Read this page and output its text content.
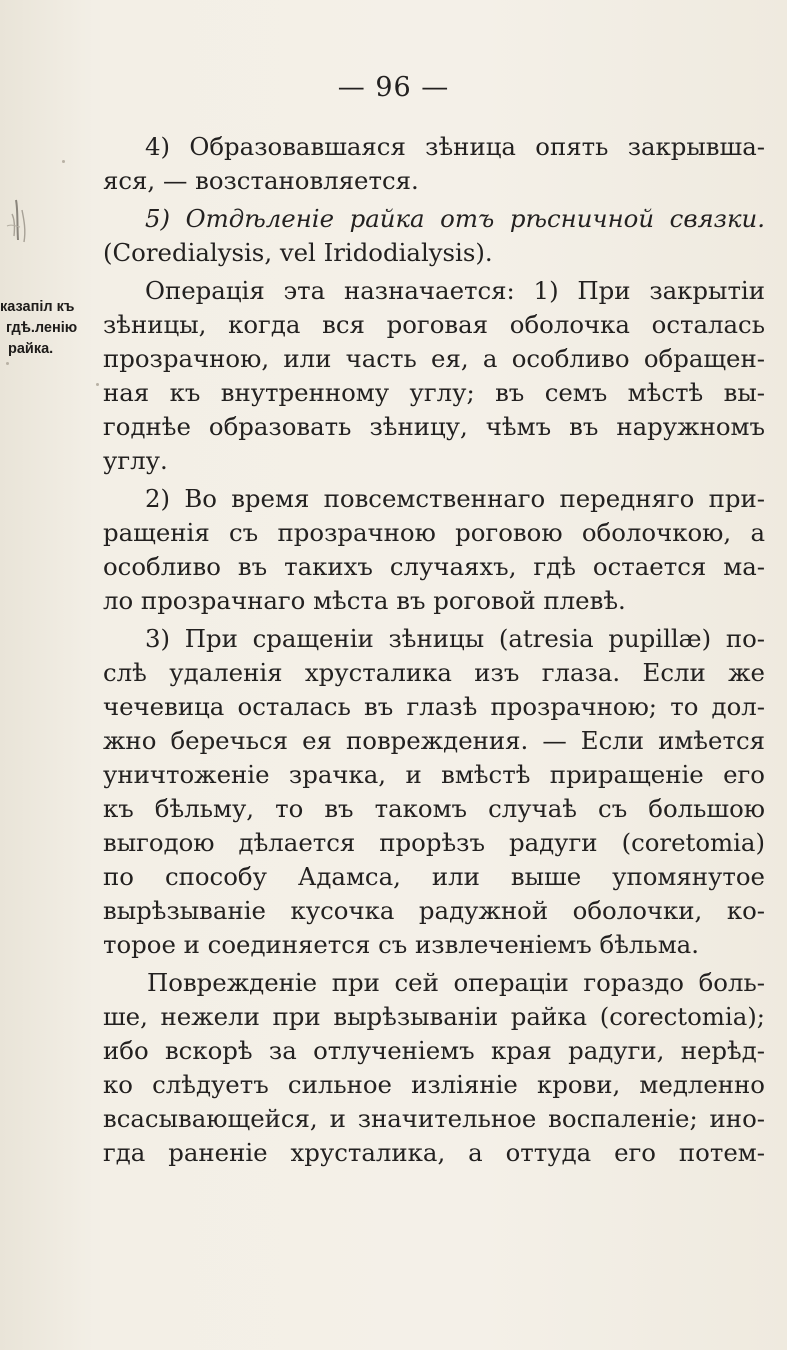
— 96 —
казапіл къ
гдѣ.ленію
райка.
4) Образовавшаяся зѣница опять закрывша-
яся, — возстановляется.
5) Отдѣленіе райка отъ рѣсничной связки.
(Coredialysis, vel Iridodialysis).
Операція эта назначается: 1) При закрытіи
зѣницы, когда вся роговая оболочка осталась
прозрачною, или часть ея, а особливо обращен-
ная къ внутренному углу; въ семъ мѣстѣ вы-
годнѣе образовать зѣницу, чѣмъ въ наружномъ
углу.
2) Во время повсемственнаго передняго при-
ращенія съ прозрачною роговою оболочкою, а
особливо въ такихъ случаяхъ, гдѣ остается ма-
ло прозрачнаго мѣста въ роговой плевѣ.
3) При сращеніи зѣницы (atresia pupillæ) по-
слѣ удаленія хрусталика изъ глаза. Если же
чечевица осталась въ глазѣ прозрачною; то дол-
жно беречься ея повреждения. — Если имѣется
уничтоженіе зрачка, и вмѣстѣ приращеніе его
къ бѣльму, то въ такомъ случаѣ съ большою
выгодою дѣлается прорѣзъ радуги (coretomia)
по способу Адамса, или выше упомянутое
вырѣзываніе кусочка радужной оболочки, ко-
торое и соединяется съ извлеченіемъ бѣльма.
Поврежденіе при сей операціи гораздо боль-
ше, нежели при вырѣзываніи райка (corectomia);
ибо вскорѣ за отлученіемъ края радуги, нерѣд-
ко слѣдуетъ сильное изліяніе крови, медленно
всасывающейся, и значительное воспаленіе; ино-
гда раненіе хрусталика, а оттуда его потем-
